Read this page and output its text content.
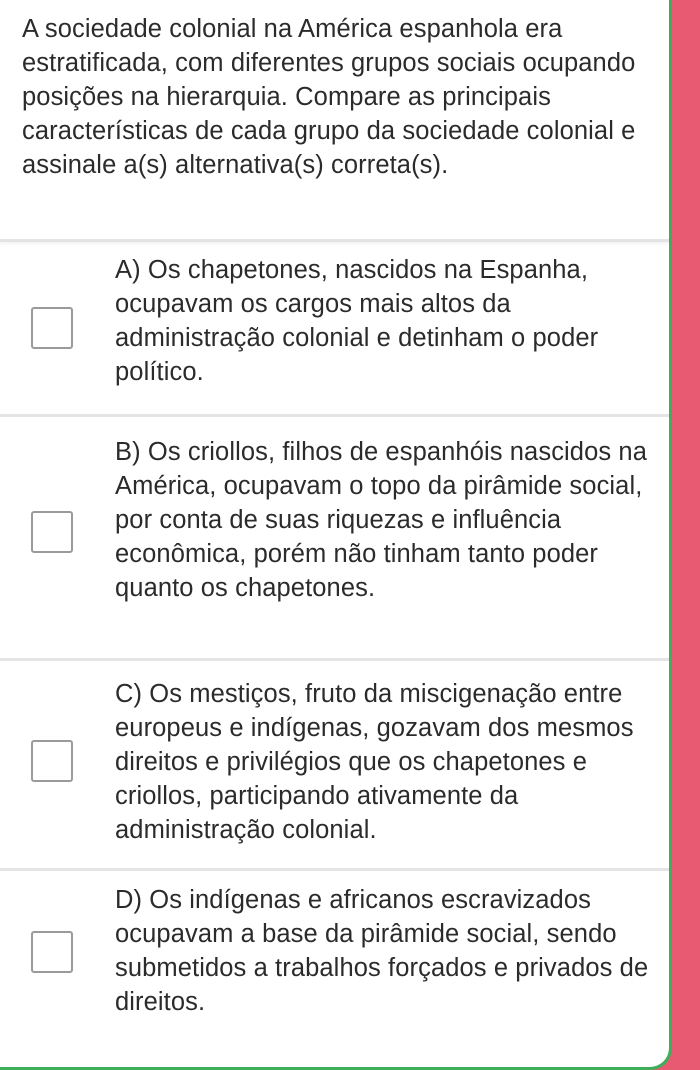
A sociedade colonial na América espanhola era estratificada, com diferentes grupos sociais ocupando posições na hierarquia. Compare as principais características de cada grupo da sociedade colonial e assinale a(s) alternativa(s) correta(s).
A) Os chapetones, nascidos na Espanha, ocupavam os cargos mais altos da administração colonial e detinham o poder político.
B) Os criollos, filhos de espanhóis nascidos na América, ocupavam o topo da pirâmide social, por conta de suas riquezas e influência econômica, porém não tinham tanto poder quanto os chapetones.
C) Os mestiços, fruto da miscigenação entre europeus e indígenas, gozavam dos mesmos direitos e privilégios que os chapetones e criollos, participando ativamente da administração colonial.
D) Os indígenas e africanos escravizados ocupavam a base da pirâmide social, sendo submetidos a trabalhos forçados e privados de direitos.
